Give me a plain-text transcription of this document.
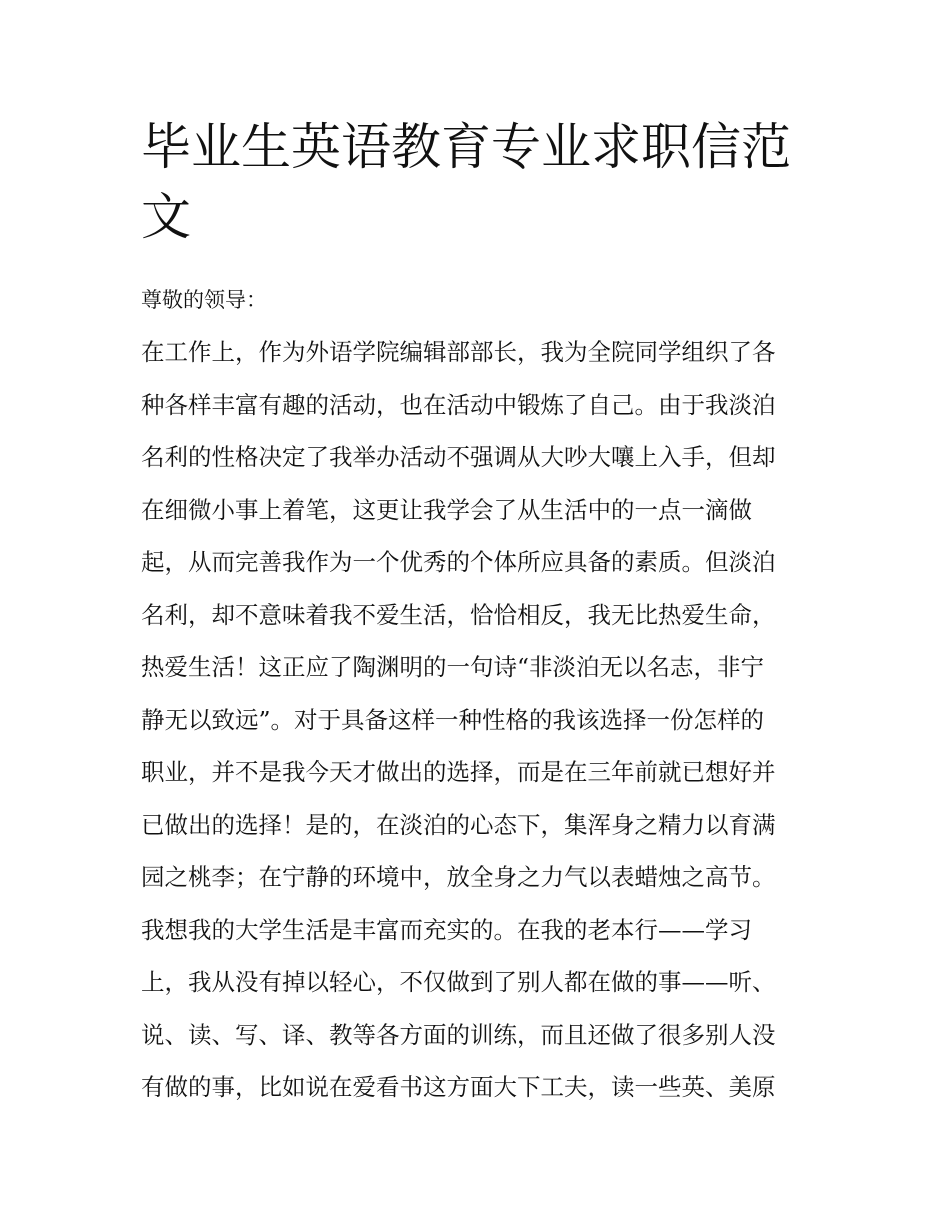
毕业生英语教育专业求职信范
文

尊敬的领导：

在工作上，作为外语学院编辑部部长，我为全院同学组织了各
种各样丰富有趣的活动，也在活动中锻炼了自己。由于我淡泊
名利的性格决定了我举办活动不强调从大吵大嚷上入手，但却
在细微小事上着笔，这更让我学会了从生活中的一点一滴做
起，从而完善我作为一个优秀的个体所应具备的素质。但淡泊
名利，却不意味着我不爱生活，恰恰相反，我无比热爱生命，
热爱生活！这正应了陶渊明的一句诗“非淡泊无以名志，非宁
静无以致远”。对于具备这样一种性格的我该选择一份怎样的
职业，并不是我今天才做出的选择，而是在三年前就已想好并
已做出的选择！是的，在淡泊的心态下，集浑身之精力以育满
园之桃李；在宁静的环境中，放全身之力气以表蜡烛之高节。
我想我的大学生活是丰富而充实的。在我的老本行——学习
上，我从没有掉以轻心，不仅做到了别人都在做的事——听、
说、读、写、译、教等各方面的训练，而且还做了很多别人没
有做的事，比如说在爱看书这方面大下工夫，读一些英、美原
